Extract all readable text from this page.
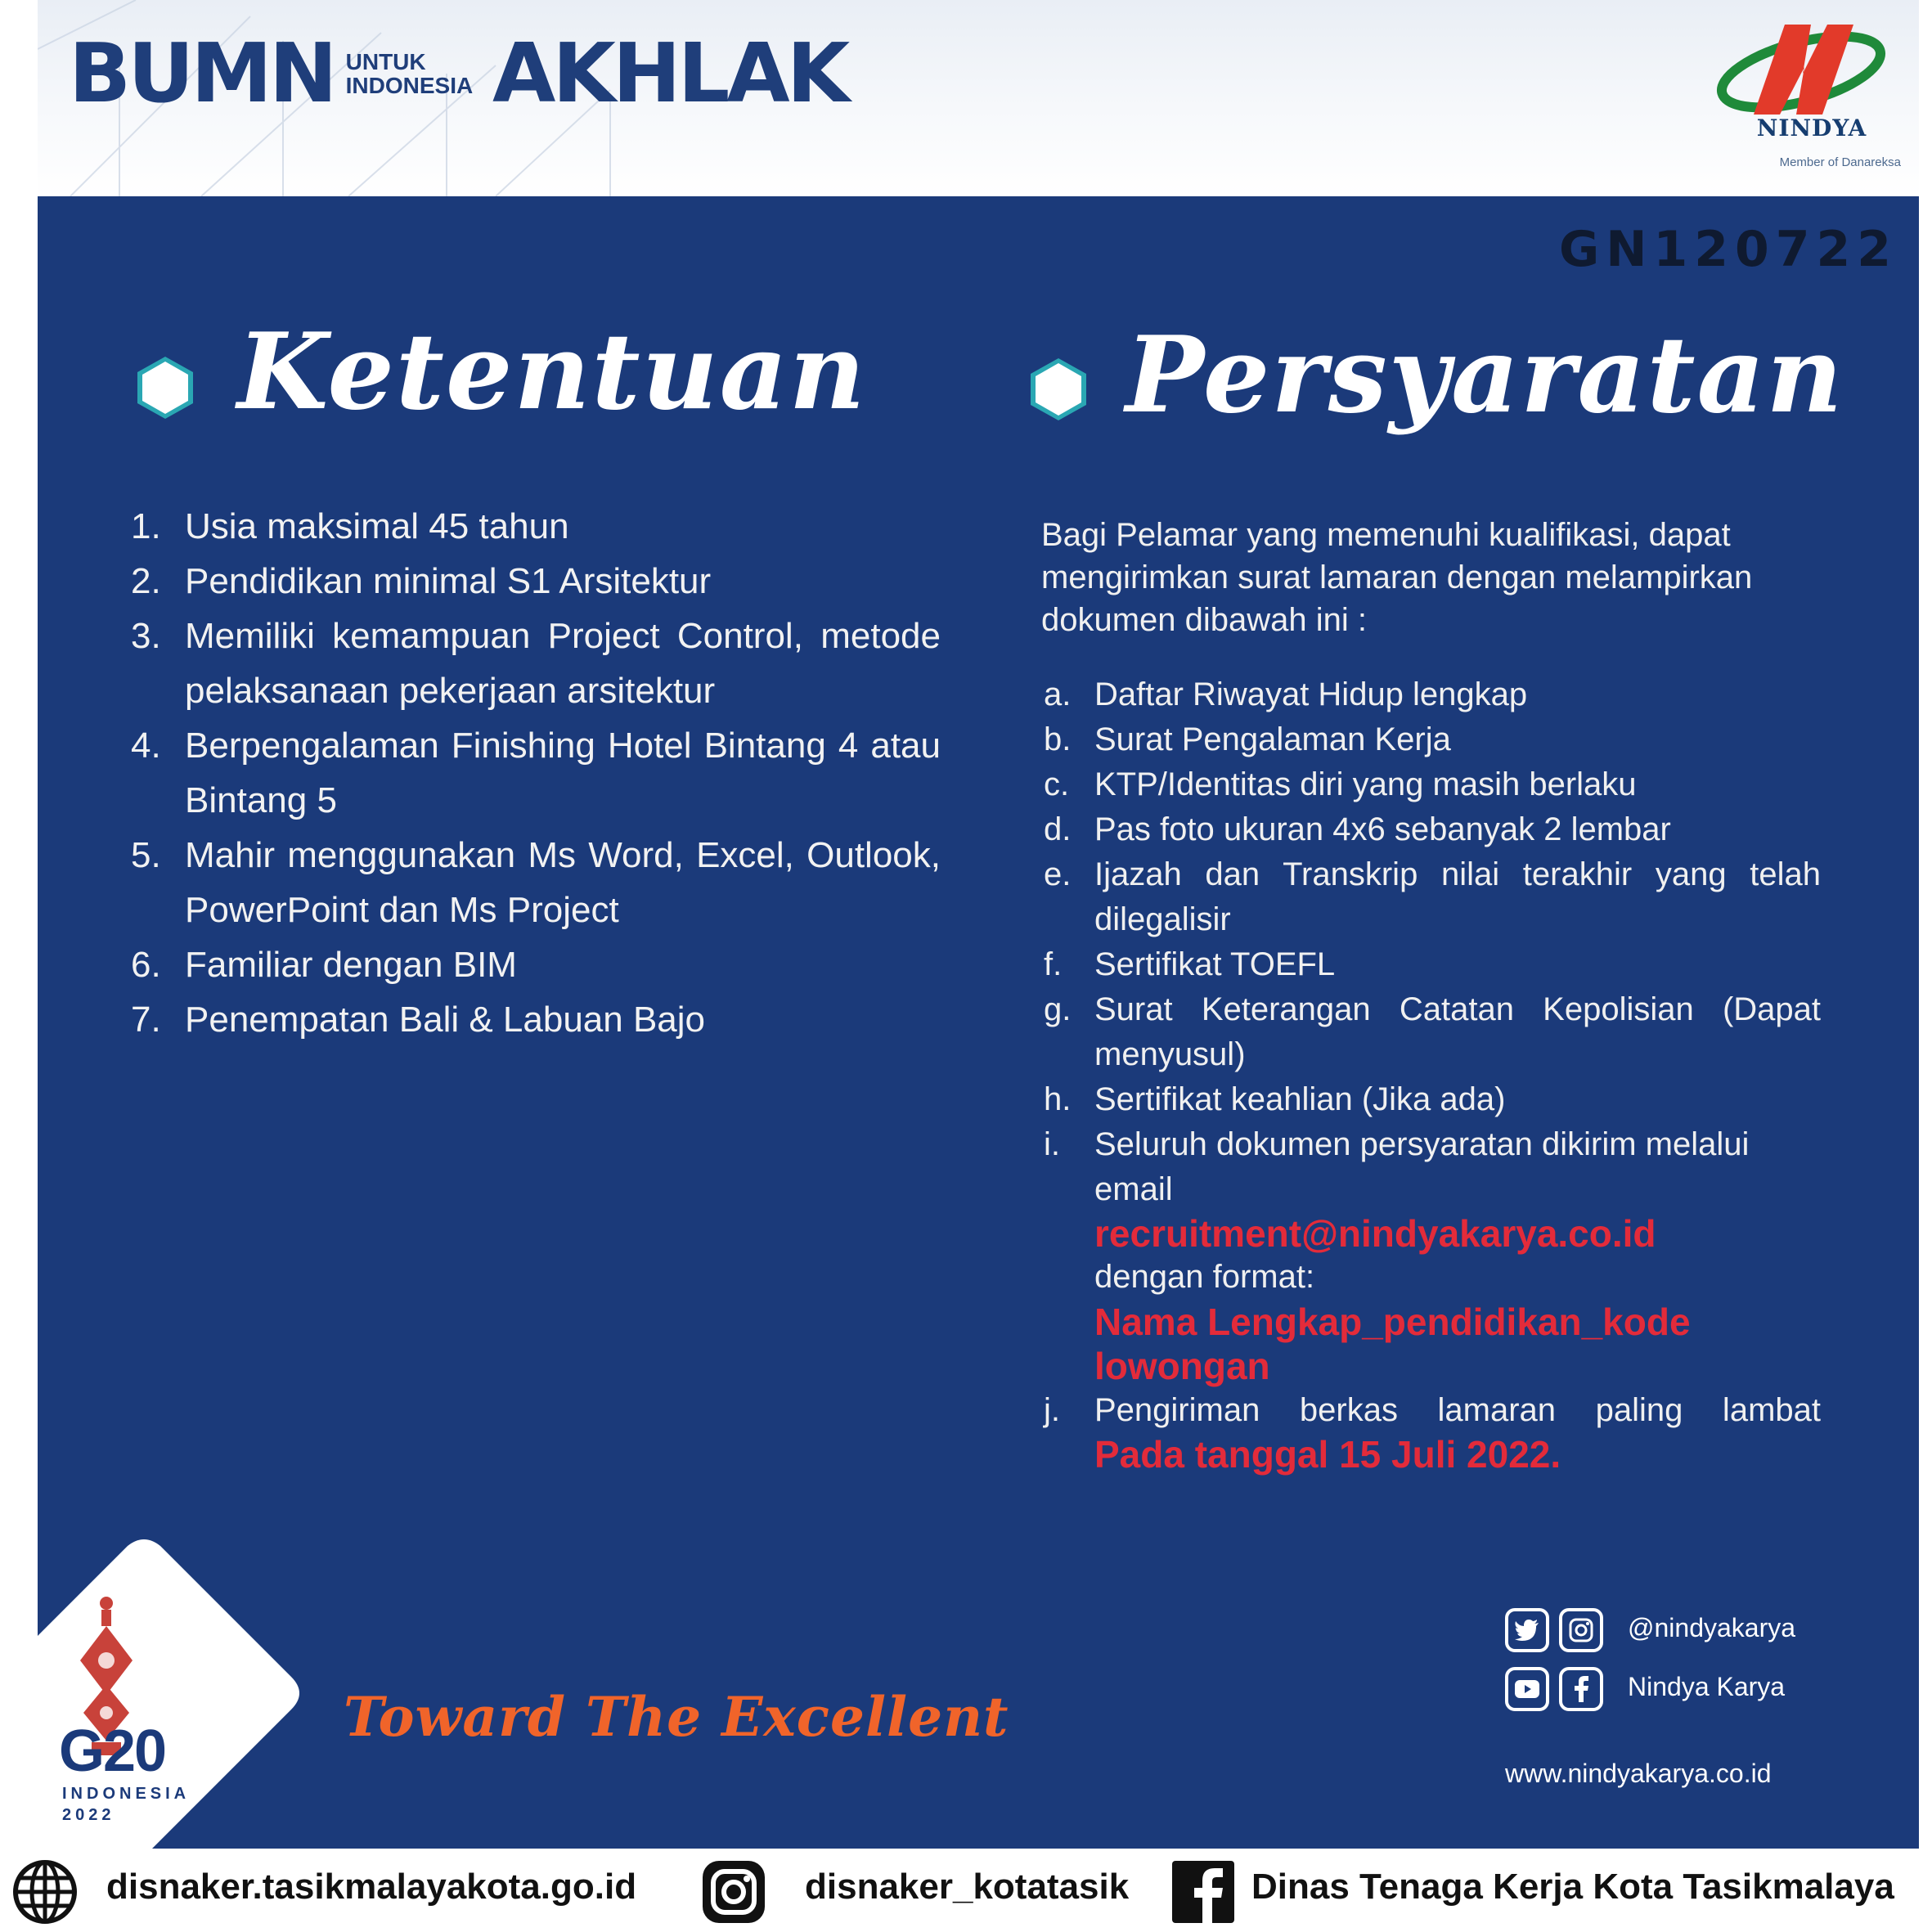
BUMN UNTUK
INDONESIA AKHLAK
NINDYA
Member of Danareksa
GN120722
Ketentuan
1. Usia maksimal 45 tahun
2. Pendidikan minimal S1 Arsitektur
3. Memiliki kemampuan Project Control, metode pelaksanaan pekerjaan arsitektur
4. Berpengalaman Finishing Hotel Bintang 4 atau Bintang 5
5. Mahir menggunakan Ms Word, Excel, Outlook, PowerPoint dan Ms Project
6. Familiar dengan BIM
7. Penempatan Bali & Labuan Bajo
Persyaratan
Bagi Pelamar yang memenuhi kualifikasi, dapat mengirimkan surat lamaran dengan melampirkan dokumen dibawah ini :
a. Daftar Riwayat Hidup lengkap
b. Surat Pengalaman Kerja
c. KTP/Identitas diri yang masih berlaku
d. Pas foto ukuran 4x6 sebanyak 2 lembar
e. Ijazah dan Transkrip nilai terakhir yang telah dilegalisir
f. Sertifikat TOEFL
g. Surat Keterangan Catatan Kepolisian (Dapat menyusul)
h. Sertifikat keahlian (Jika ada)
i.	Seluruh dokumen persyaratan dikirim melalui email
recruitment@nindyakarya.co.id
dengan format:
Nama Lengkap_pendidikan_kode lowongan
j.	Pengiriman berkas lamaran paling lambat
Pada tanggal 15 Juli 2022.
G20
INDONESIA
2022
Toward The Excellent
@nindyakarya
Nindya Karya
www.nindyakarya.co.id
disnaker.tasikmalayakota.go.id	disnaker_kotatasik	Dinas Tenaga Kerja Kota Tasikmalaya
